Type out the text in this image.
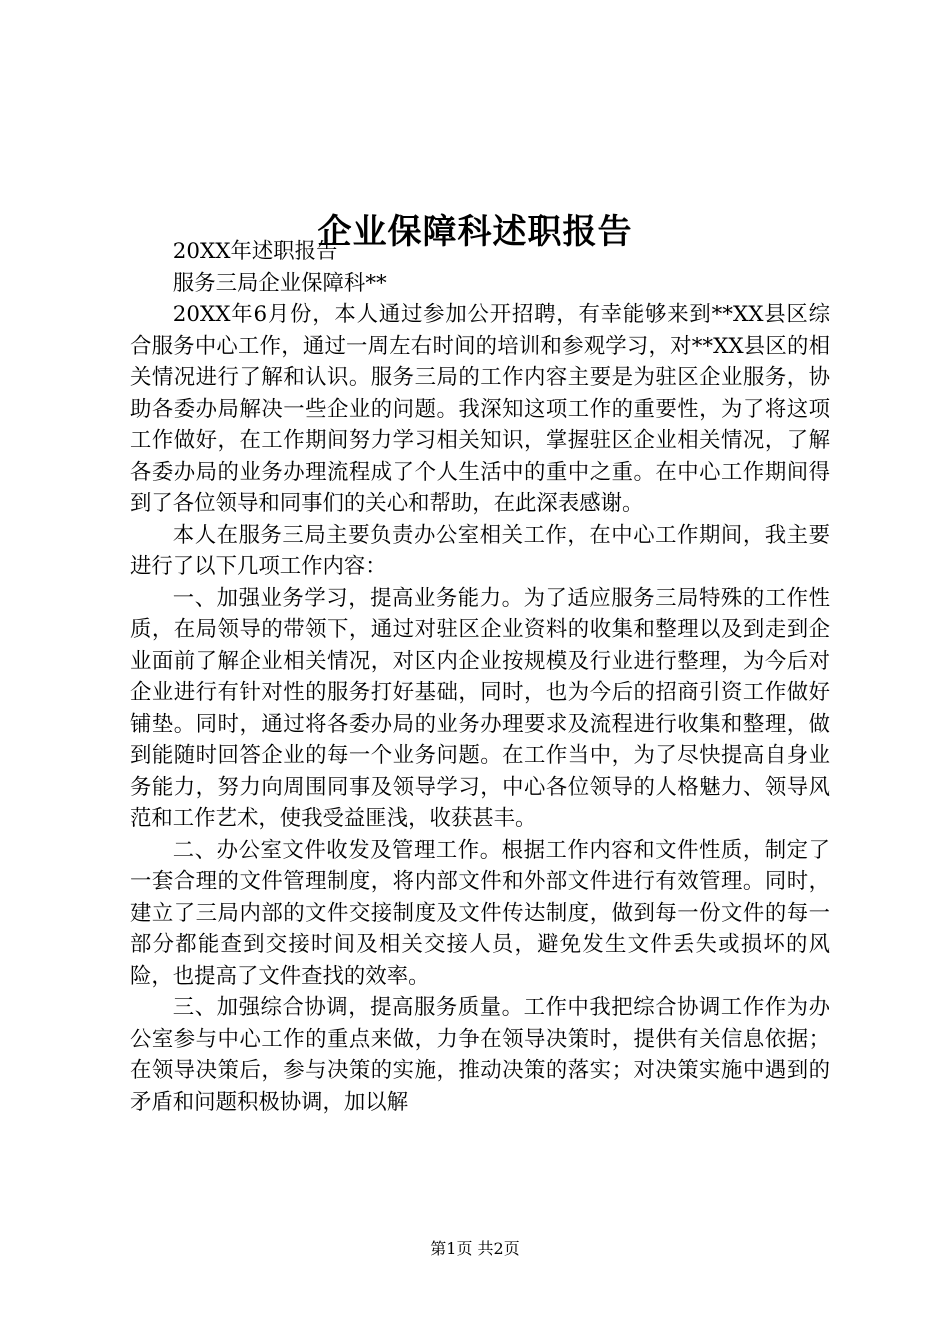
企业保障科述职报告

20XX年述职报告

服务三局企业保障科**

20XX年6月份，本人通过参加公开招聘，有幸能够来到**XX县区综合服务中心工作，通过一周左右时间的培训和参观学习，对**XX县区的相关情况进行了解和认识。服务三局的工作内容主要是为驻区企业服务，协助各委办局解决一些企业的问题。我深知这项工作的重要性，为了将这项工作做好，在工作期间努力学习相关知识，掌握驻区企业相关情况，了解各委办局的业务办理流程成了个人生活中的重中之重。在中心工作期间得到了各位领导和同事们的关心和帮助，在此深表感谢。

本人在服务三局主要负责办公室相关工作，在中心工作期间，我主要进行了以下几项工作内容：

一、加强业务学习，提高业务能力。为了适应服务三局特殊的工作性质，在局领导的带领下，通过对驻区企业资料的收集和整理以及到走到企业面前了解企业相关情况，对区内企业按规模及行业进行整理，为今后对企业进行有针对性的服务打好基础，同时，也为今后的招商引资工作做好铺垫。同时，通过将各委办局的业务办理要求及流程进行收集和整理，做到能随时回答企业的每一个业务问题。在工作当中，为了尽快提高自身业务能力，努力向周围同事及领导学习，中心各位领导的人格魅力、领导风范和工作艺术，使我受益匪浅，收获甚丰。

二、办公室文件收发及管理工作。根据工作内容和文件性质，制定了一套合理的文件管理制度，将内部文件和外部文件进行有效管理。同时，建立了三局内部的文件交接制度及文件传达制度，做到每一份文件的每一部分都能查到交接时间及相关交接人员，避免发生文件丢失或损坏的风险，也提高了文件查找的效率。

三、加强综合协调，提高服务质量。工作中我把综合协调工作作为办公室参与中心工作的重点来做，力争在领导决策时，提供有关信息依据；在领导决策后，参与决策的实施，推动决策的落实；对决策实施中遇到的矛盾和问题积极协调，加以解

第1页 共2页
